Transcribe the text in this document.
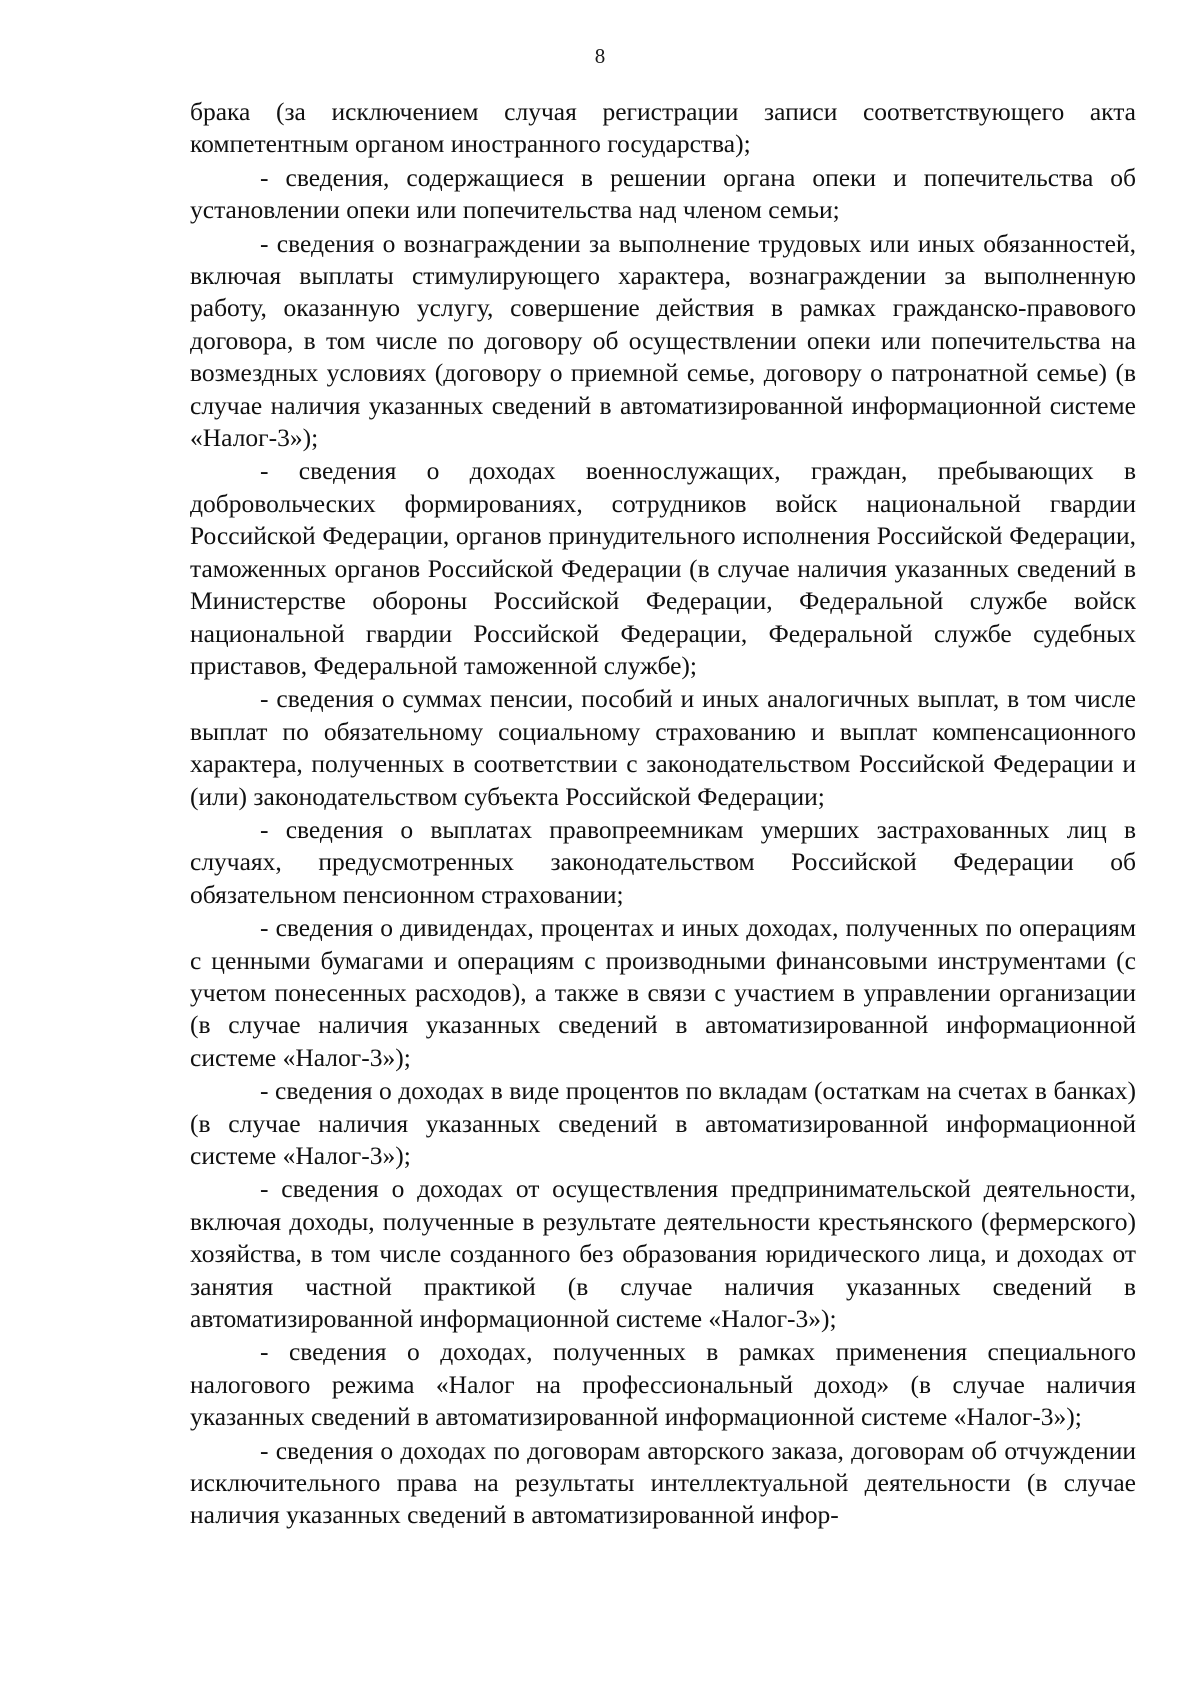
8

брака (за исключением случая регистрации записи соответствующего акта компетентным органом иностранного государства);

- сведения, содержащиеся в решении органа опеки и попечительства об установлении опеки или попечительства над членом семьи;

- сведения о вознаграждении за выполнение трудовых или иных обязанностей, включая выплаты стимулирующего характера, вознаграждении за выполненную работу, оказанную услугу, совершение действия в рамках гражданско-правового договора, в том числе по договору об осуществлении опеки или попечительства на возмездных условиях (договору о приемной семье, договору о патронатной семье) (в случае наличия указанных сведений в автоматизированной информационной системе «Налог-3»);

- сведения о доходах военнослужащих, граждан, пребывающих в добровольческих формированиях, сотрудников войск национальной гвардии Российской Федерации, органов принудительного исполнения Российской Федерации, таможенных органов Российской Федерации (в случае наличия указанных сведений в Министерстве обороны Российской Федерации, Федеральной службе войск национальной гвардии Российской Федерации, Федеральной службе судебных приставов, Федеральной таможенной службе);

- сведения о суммах пенсии, пособий и иных аналогичных выплат, в том числе выплат по обязательному социальному страхованию и выплат компенсационного характера, полученных в соответствии с законодательством Российской Федерации и (или) законодательством субъекта Российской Федерации;

- сведения о выплатах правопреемникам умерших застрахованных лиц в случаях, предусмотренных законодательством Российской Федерации об обязательном пенсионном страховании;

- сведения о дивидендах, процентах и иных доходах, полученных по операциям с ценными бумагами и операциям с производными финансовыми инструментами (с учетом понесенных расходов), а также в связи с участием в управлении организации (в случае наличия указанных сведений в автоматизированной информационной системе «Налог-3»);

- сведения о доходах в виде процентов по вкладам (остаткам на счетах в банках) (в случае наличия указанных сведений в автоматизированной информационной системе «Налог-3»);

- сведения о доходах от осуществления предпринимательской деятельности, включая доходы, полученные в результате деятельности крестьянского (фермерского) хозяйства, в том числе созданного без образования юридического лица, и доходах от занятия частной практикой (в случае наличия указанных сведений в автоматизированной информационной системе «Налог-3»);

- сведения о доходах, полученных в рамках применения специального налогового режима «Налог на профессиональный доход» (в случае наличия указанных сведений в автоматизированной информационной системе «Налог-3»);

- сведения о доходах по договорам авторского заказа, договорам об отчуждении исключительного права на результаты интеллектуальной деятельности (в случае наличия указанных сведений в автоматизированной инфор-
